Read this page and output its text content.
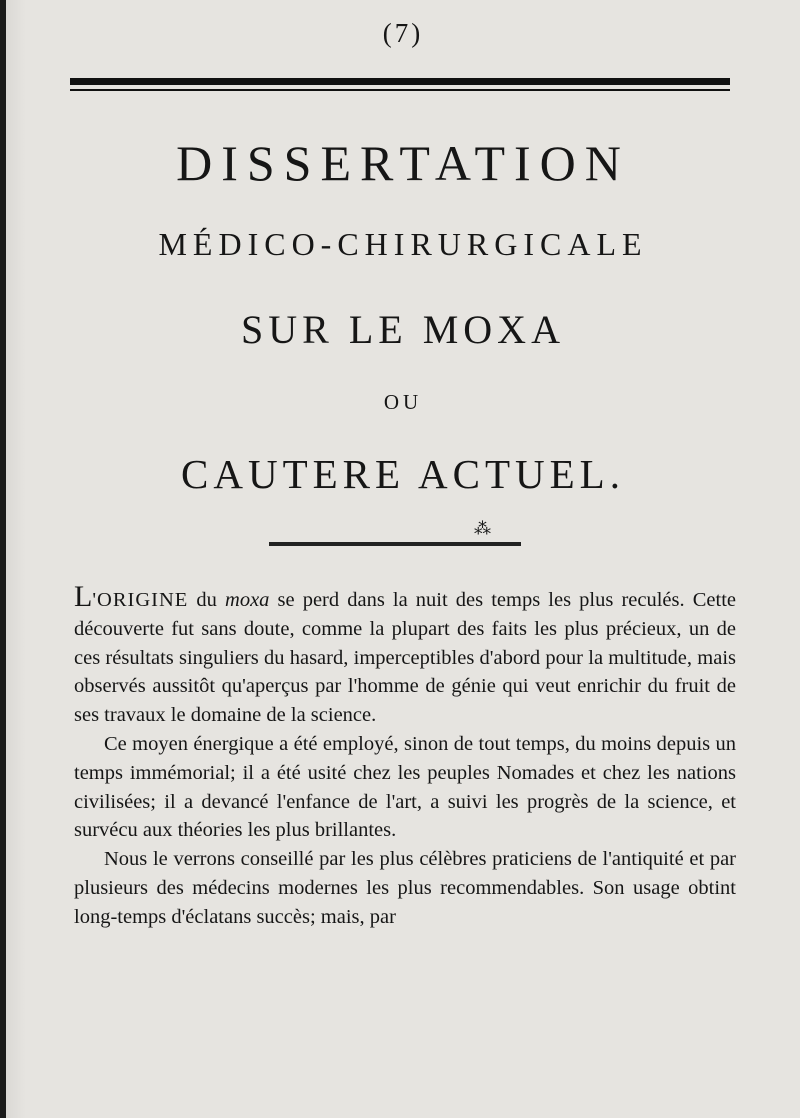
(7)
DISSERTATION
MÉDICO-CHIRURGICALE
SUR LE MOXA
OU
CAUTERE ACTUEL.
⁂

L'ORIGINE du moxa se perd dans la nuit des temps les plus reculés. Cette découverte fut sans doute, comme la plupart des faits les plus précieux, un de ces résultats singuliers du hasard, imperceptibles d'abord pour la multitude, mais observés aussitôt qu'aperçus par l'homme de génie qui veut enrichir du fruit de ses travaux le domaine de la science.

Ce moyen énergique a été employé, sinon de tout temps, du moins depuis un temps immémorial; il a été usité chez les peuples Nomades et chez les nations civilisées; il a devancé l'enfance de l'art, a suivi les progrès de la science, et survécu aux théories les plus brillantes.

Nous le verrons conseillé par les plus célèbres praticiens de l'antiquité et par plusieurs des médecins modernes les plus recommendables. Son usage obtint long-temps d'éclatans succès; mais, par
